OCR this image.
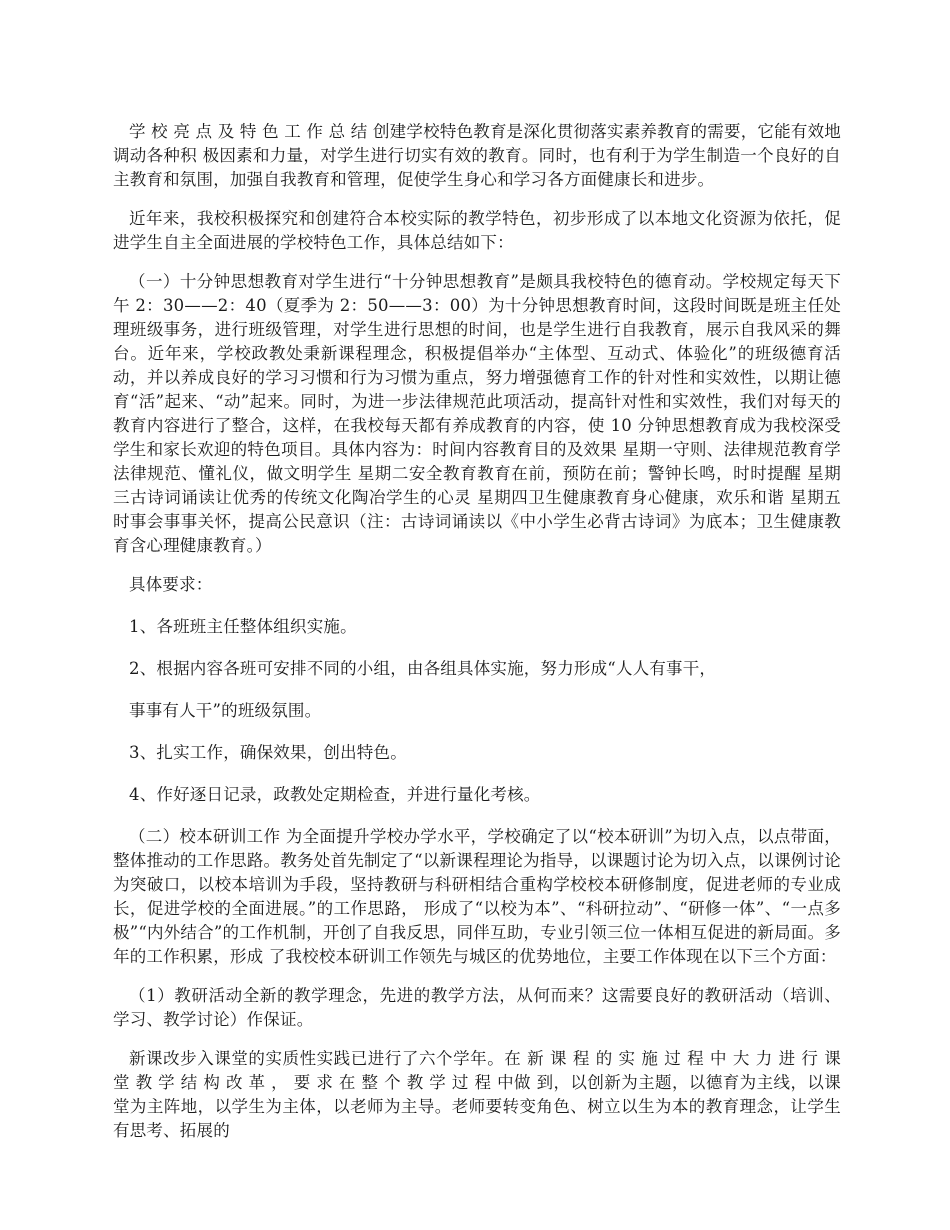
学 校 亮 点 及 特 色 工 作 总 结 创建学校特色教育是深化贯彻落实素养教育的需要，它能有效地调动各种积 极因素和力量，对学生进行切实有效的教育。同时，也有利于为学生制造一个良好的自主教育和氛围，加强自我教育和管理，促使学生身心和学习各方面健康长和进步。

近年来，我校积极探究和创建符合本校实际的教学特色，初步形成了以本地文化资源为依托，促进学生自主全面进展的学校特色工作，具体总结如下：

（一）十分钟思想教育对学生进行“十分钟思想教育”是颇具我校特色的德育动。学校规定每天下午 2：30——2：40（夏季为 2：50——3：00）为十分钟思想教育时间，这段时间既是班主任处理班级事务，进行班级管理，对学生进行思想的时间，也是学生进行自我教育，展示自我风采的舞台。近年来，学校政教处秉新课程理念，积极提倡举办“主体型、互动式、体验化”的班级德育活动，并以养成良好的学习习惯和行为习惯为重点，努力增强德育工作的针对性和实效性，以期让德育“活”起来、“动”起来。同时，为进一步法律规范此项活动，提高针对性和实效性，我们对每天的教育内容进行了整合，这样，在我校每天都有养成教育的内容，使 10 分钟思想教育成为我校深受学生和家长欢迎的特色项目。具体内容为：时间内容教育目的及效果 星期一守则、法律规范教育学法律规范、懂礼仪，做文明学生 星期二安全教育教育在前，预防在前；警钟长鸣，时时提醒 星期三古诗词诵读让优秀的传统文化陶冶学生的心灵 星期四卫生健康教育身心健康，欢乐和谐 星期五时事会事事关怀，提高公民意识（注：古诗词诵读以《中小学生必背古诗词》为底本；卫生健康教育含心理健康教育。）

具体要求：

1、各班班主任整体组织实施。

2、根据内容各班可安排不同的小组，由各组具体实施，努力形成“人人有事干，

事事有人干”的班级氛围。

3、扎实工作，确保效果，创出特色。

4、作好逐日记录，政教处定期检查，并进行量化考核。

（二）校本研训工作 为全面提升学校办学水平，学校确定了以“校本研训”为切入点，以点带面，整体推动的工作思路。教务处首先制定了“以新课程理论为指导，以课题讨论为切入点，以课例讨论为突破口，以校本培训为手段，坚持教研与科研相结合重构学校校本研修制度，促进老师的专业成长，促进学校的全面进展。”的工作思路， 形成了“以校为本”、“科研拉动”、“研修一体”、“一点多极”“内外结合”的工作机制，开创了自我反思，同伴互助，专业引领三位一体相互促进的新局面。多年的工作积累，形成 了我校校本研训工作领先与城区的优势地位，主要工作体现在以下三个方面：

（1）教研活动全新的教学理念，先进的教学方法，从何而来？这需要良好的教研活动（培训、学习、教学讨论）作保证。

新课改步入课堂的实质性实践已进行了六个学年。在 新 课 程 的 实 施 过 程 中 大 力 进 行 课 堂 教 学 结 构 改 革 ， 要 求 在 整 个 教 学 过 程 中做 到，以创新为主题，以德育为主线，以课堂为主阵地，以学生为主体，以老师为主导。老师要转变角色、树立以生为本的教育理念，让学生有思考、拓展的
